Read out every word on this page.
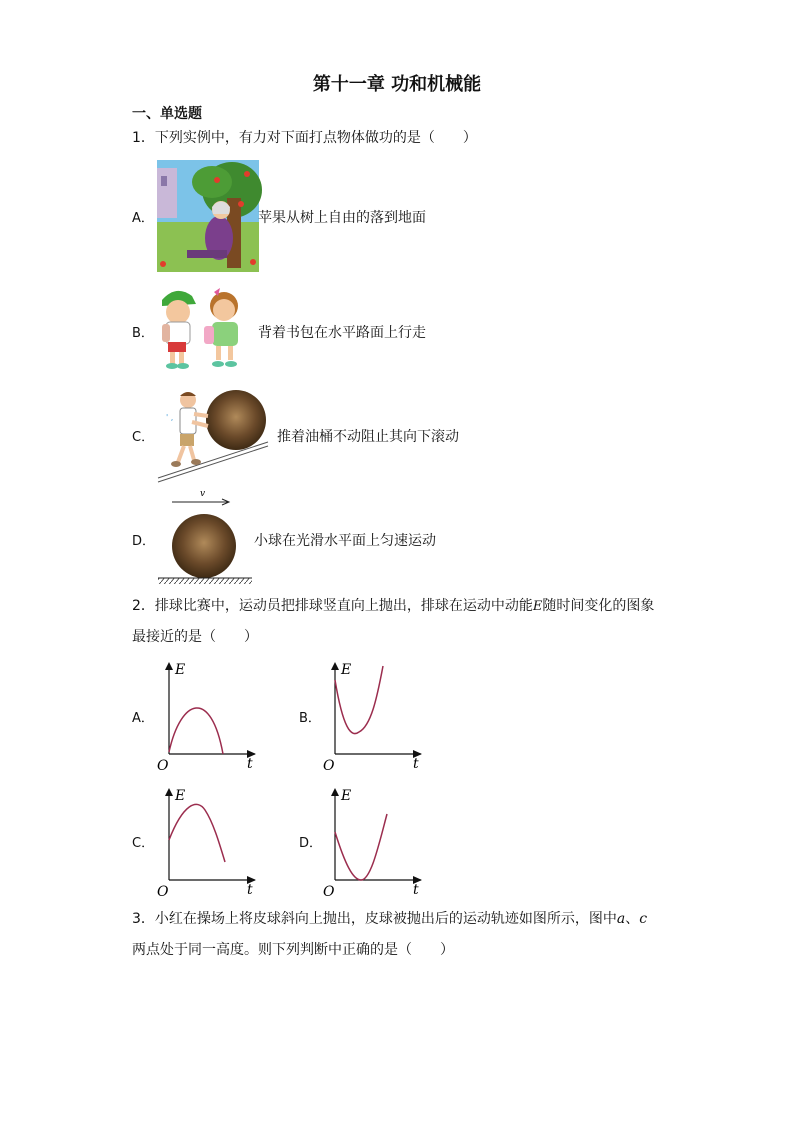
第十一章 功和机械能
一、单选题
1．下列实例中，有力对下面打点物体做功的是（　　）
A．	苹果从树上自由的落到地面
B．	背着书包在水平路面上行走
C．
' ,
推着油桶不动阻止其向下滚动
D．
v
小球在光滑水平面上匀速运动
2．排球比赛中，运动员把排球竖直向上抛出，排球在运动中动能E随时间变化的图象
最接近的是（　　）
A．
E
t
O
B．
E
t
O
C．
E
t
O
D．
E
t
O
3．小红在操场上将皮球斜向上抛出，皮球被抛出后的运动轨迹如图所示，图中a、c
两点处于同一高度。则下列判断中正确的是（　　）
